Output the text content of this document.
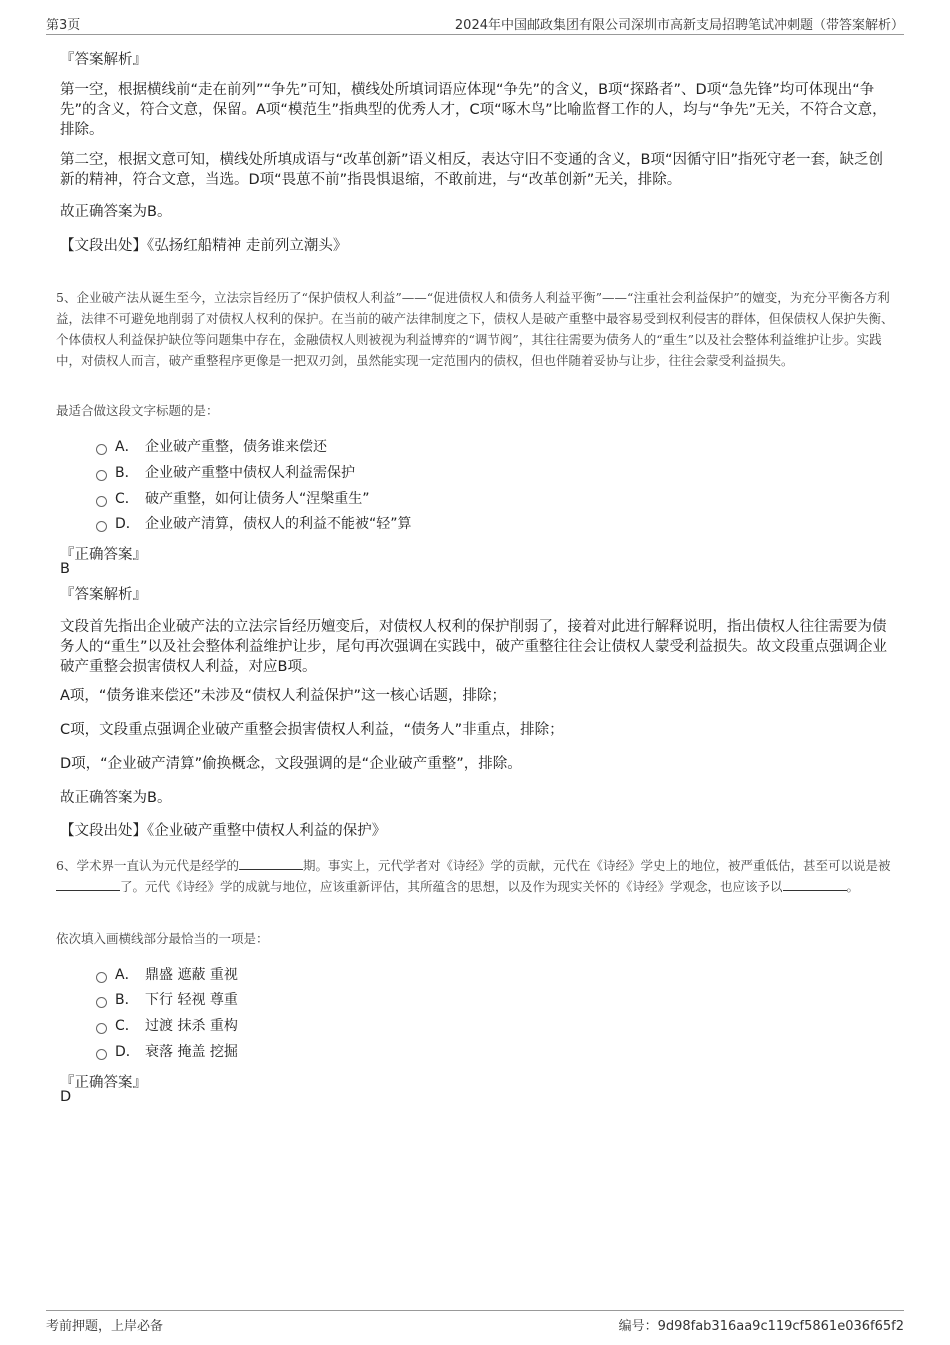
第3页	2024年中国邮政集团有限公司深圳市高新支局招聘笔试冲刺题（带答案解析）
『答案解析』
第一空，根据横线前“走在前列”“争先”可知，横线处所填词语应体现“争先”的含义，B项“探路者”、D项“急先锋”均可体现出“争先”的含义，符合文意，保留。A项“模范生”指典型的优秀人才，C项“啄木鸟”比喻监督工作的人，均与“争先”无关，不符合文意，排除。
第二空，根据文意可知，横线处所填成语与“改革创新”语义相反，表达守旧不变通的含义，B项“因循守旧”指死守老一套，缺乏创新的精神，符合文意，当选。D项“畏葸不前”指畏惧退缩，不敢前进，与“改革创新”无关，排除。
故正确答案为B。
【文段出处】《弘扬红船精神 走前列立潮头》
5、企业破产法从诞生至今，立法宗旨经历了“保护债权人利益”——“促进债权人和债务人利益平衡”——“注重社会利益保护”的嬗变，为充分平衡各方利益，法律不可避免地削弱了对债权人权利的保护。在当前的破产法律制度之下，债权人是破产重整中最容易受到权利侵害的群体，但保债权人保护失衡、个体债权人利益保护缺位等问题集中存在，金融债权人则被视为利益博弈的“调节阀”，其往往需要为债务人的“重生”以及社会整体利益维护让步。实践中，对债权人而言，破产重整程序更像是一把双刃剑，虽然能实现一定范围内的债权，但也伴随着妥协与让步，往往会蒙受利益损失。
最适合做这段文字标题的是：
A． 企业破产重整，债务谁来偿还
B． 企业破产重整中债权人利益需保护
C． 破产重整，如何让债务人“涅槃重生”
D． 企业破产清算，债权人的利益不能被“轻”算
『正确答案』
B
『答案解析』
文段首先指出企业破产法的立法宗旨经历嬗变后，对债权人权利的保护削弱了，接着对此进行解释说明，指出债权人往往需要为债务人的“重生”以及社会整体利益维护让步，尾句再次强调在实践中，破产重整往往会让债权人蒙受利益损失。故文段重点强调企业破产重整会损害债权人利益，对应B项。
A项，“债务谁来偿还”未涉及“债权人利益保护”这一核心话题，排除；
C项，文段重点强调企业破产重整会损害债权人利益，“债务人”非重点，排除；
D项，“企业破产清算”偷换概念，文段强调的是“企业破产重整”，排除。
故正确答案为B。
【文段出处】《企业破产重整中债权人利益的保护》
6、学术界一直认为元代是经学的	期。事实上，元代学者对《诗经》学的贡献，元代在《诗经》学史上的地位，被严重低估，甚至可以说是被了。元代《诗经》学的成就与地位，应该重新评估，其所蕴含的思想，以及作为现实关怀的《诗经》学观念，也应该予以	。
依次填入画横线部分最恰当的一项是：
A． 鼎盛 遮蔽 重视
B． 下行 轻视 尊重
C． 过渡 抹杀 重构
D． 衰落 掩盖 挖掘
『正确答案』
D
考前押题，上岸必备	编号：9d98fab316aa9c119cf5861e036f65f2
